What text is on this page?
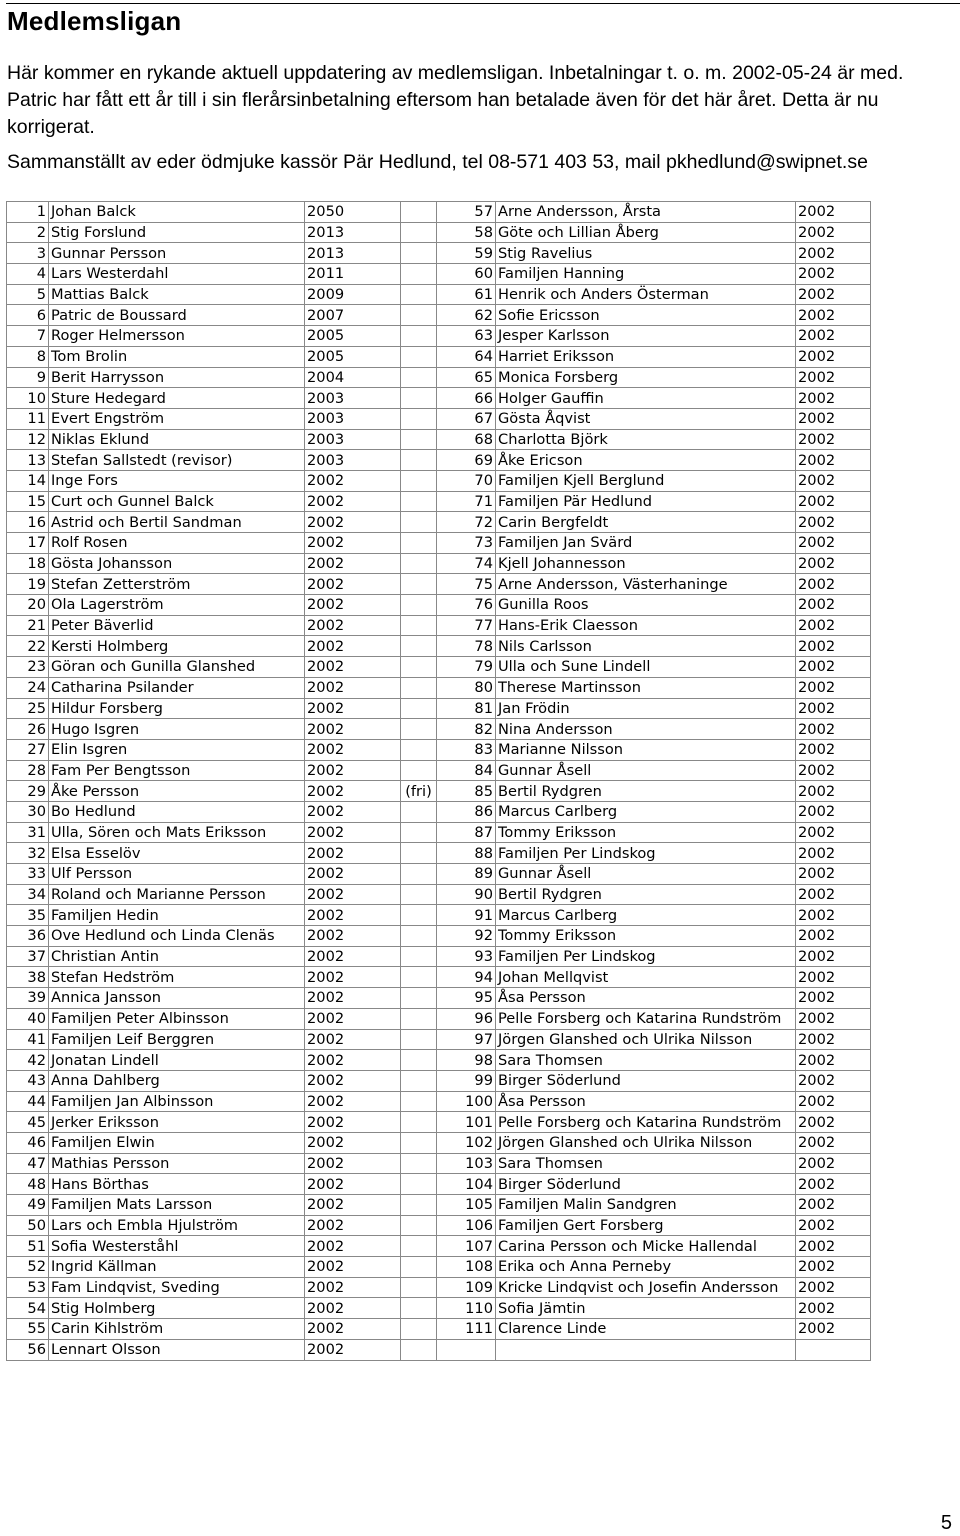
Medlemsligan

Här kommer en rykande aktuell uppdatering av medlemsligan. Inbetalningar t. o. m. 2002-05-24 är med. Patric har fått ett år till i sin flerårsinbetalning eftersom han betalade även för det här året. Detta är nu korrigerat.

Sammanställt av eder ödmjuke kassör Pär Hedlund, tel 08-571 403 53, mail pkhedlund@swipnet.se

1	Johan Balck	2050		57	Arne Andersson, Årsta	2002
2	Stig Forslund	2013		58	Göte och Lillian Åberg	2002
3	Gunnar Persson	2013		59	Stig Ravelius	2002
4	Lars Westerdahl	2011		60	Familjen Hanning	2002
5	Mattias Balck	2009		61	Henrik och Anders Österman	2002
6	Patric de Boussard	2007		62	Sofie Ericsson	2002
7	Roger Helmersson	2005		63	Jesper Karlsson	2002
8	Tom Brolin	2005		64	Harriet Eriksson	2002
9	Berit Harrysson	2004		65	Monica Forsberg	2002
10	Sture Hedegard	2003		66	Holger Gauffin	2002
11	Evert Engström	2003		67	Gösta Åqvist	2002
12	Niklas Eklund	2003		68	Charlotta Björk	2002
13	Stefan Sallstedt (revisor)	2003		69	Åke Ericson	2002
14	Inge Fors	2002		70	Familjen Kjell Berglund	2002
15	Curt och Gunnel Balck	2002		71	Familjen Pär Hedlund	2002
16	Astrid och Bertil Sandman	2002		72	Carin Bergfeldt	2002
17	Rolf Rosen	2002		73	Familjen Jan Svärd	2002
18	Gösta Johansson	2002		74	Kjell Johannesson	2002
19	Stefan Zetterström	2002		75	Arne Andersson, Västerhaninge	2002
20	Ola Lagerström	2002		76	Gunilla Roos	2002
21	Peter Bäverlid	2002		77	Hans-Erik Claesson	2002
22	Kersti Holmberg	2002		78	Nils Carlsson	2002
23	Göran och Gunilla Glanshed	2002		79	Ulla och Sune Lindell	2002
24	Catharina Psilander	2002		80	Therese Martinsson	2002
25	Hildur Forsberg	2002		81	Jan Frödin	2002
26	Hugo Isgren	2002		82	Nina Andersson	2002
27	Elin Isgren	2002		83	Marianne Nilsson	2002
28	Fam Per Bengtsson	2002		84	Gunnar Åsell	2002
29	Åke Persson	2002	(fri)	85	Bertil Rydgren	2002
30	Bo Hedlund	2002		86	Marcus Carlberg	2002
31	Ulla, Sören och Mats Eriksson	2002		87	Tommy Eriksson	2002
32	Elsa Esselöv	2002		88	Familjen Per Lindskog	2002
33	Ulf Persson	2002		89	Gunnar Åsell	2002
34	Roland och Marianne Persson	2002		90	Bertil Rydgren	2002
35	Familjen Hedin	2002		91	Marcus Carlberg	2002
36	Ove Hedlund och Linda Clenäs	2002		92	Tommy Eriksson	2002
37	Christian Antin	2002		93	Familjen Per Lindskog	2002
38	Stefan Hedström	2002		94	Johan Mellqvist	2002
39	Annica Jansson	2002		95	Åsa Persson	2002
40	Familjen Peter Albinsson	2002		96	Pelle Forsberg och Katarina Rundström	2002
41	Familjen Leif Berggren	2002		97	Jörgen Glanshed och Ulrika Nilsson	2002
42	Jonatan Lindell	2002		98	Sara Thomsen	2002
43	Anna Dahlberg	2002		99	Birger Söderlund	2002
44	Familjen Jan Albinsson	2002		100	Åsa Persson	2002
45	Jerker Eriksson	2002		101	Pelle Forsberg och Katarina Rundström	2002
46	Familjen Elwin	2002		102	Jörgen Glanshed och Ulrika Nilsson	2002
47	Mathias Persson	2002		103	Sara Thomsen	2002
48	Hans Börthas	2002		104	Birger Söderlund	2002
49	Familjen Mats Larsson	2002		105	Familjen Malin Sandgren	2002
50	Lars och Embla Hjulström	2002		106	Familjen Gert Forsberg	2002
51	Sofia Westerståhl	2002		107	Carina Persson och Micke Hallendal	2002
52	Ingrid Källman	2002		108	Erika och Anna Perneby	2002
53	Fam Lindqvist, Sveding	2002		109	Kricke Lindqvist och Josefin Andersson	2002
54	Stig Holmberg	2002		110	Sofia Jämtin	2002
55	Carin Kihlström	2002		111	Clarence Linde	2002
56	Lennart Olsson	2002				
5
